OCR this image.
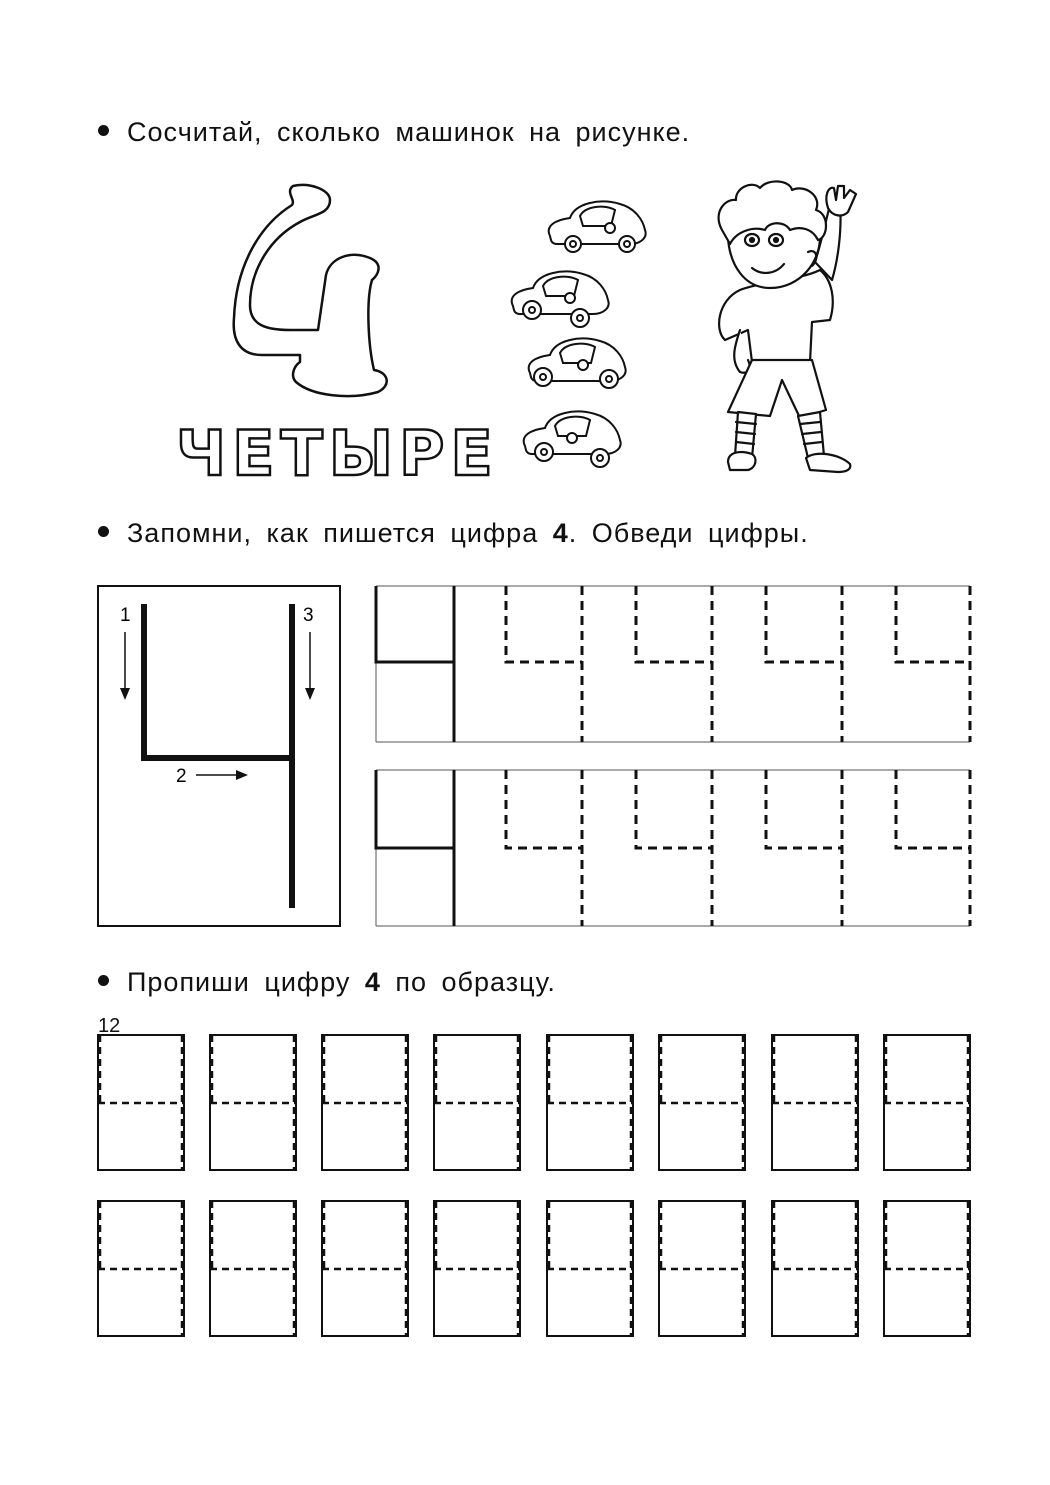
Сосчитай, сколько машинок на рисунке.
Запомни, как пишется цифра 4. Обведи цифры.
Пропиши цифру 4 по образцу.
ЧЕТЫРЕ
1	3
2
12
